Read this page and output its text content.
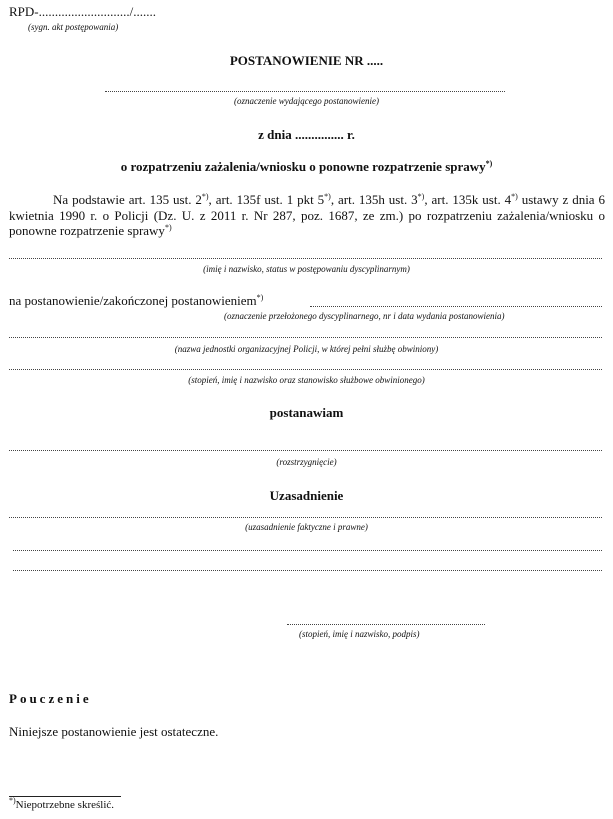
RPD-............................/.......
(sygn. akt postępowania)
POSTANOWIENIE NR .....
(oznaczenie wydającego postanowienie)
z dnia ............... r.
o rozpatrzeniu zażalenia/wniosku o ponowne rozpatrzenie sprawy*)
Na podstawie art. 135 ust. 2*), art. 135f ust. 1 pkt 5*), art. 135h ust. 3*), art. 135k ust. 4*) ustawy z dnia 6 kwietnia 1990 r. o Policji (Dz. U. z 2011 r. Nr 287, poz. 1687, ze zm.) po rozpatrzeniu zażalenia/wniosku o ponowne rozpatrzenie sprawy*)
(imię i nazwisko, status w postępowaniu dyscyplinarnym)
na postanowienie/zakończonej postanowieniem*)
(oznaczenie przełożonego dyscyplinarnego, nr i data wydania postanowienia)
(nazwa jednostki organizacyjnej Policji, w której pełni służbę obwiniony)
(stopień, imię i nazwisko oraz stanowisko służbowe obwinionego)
postanawiam
(rozstrzygnięcie)
Uzasadnienie
(uzasadnienie faktyczne i prawne)
(stopień, imię i nazwisko, podpis)
Pouczenie
Niniejsze postanowienie jest ostateczne.
*)Niepotrzebne skreślić.
